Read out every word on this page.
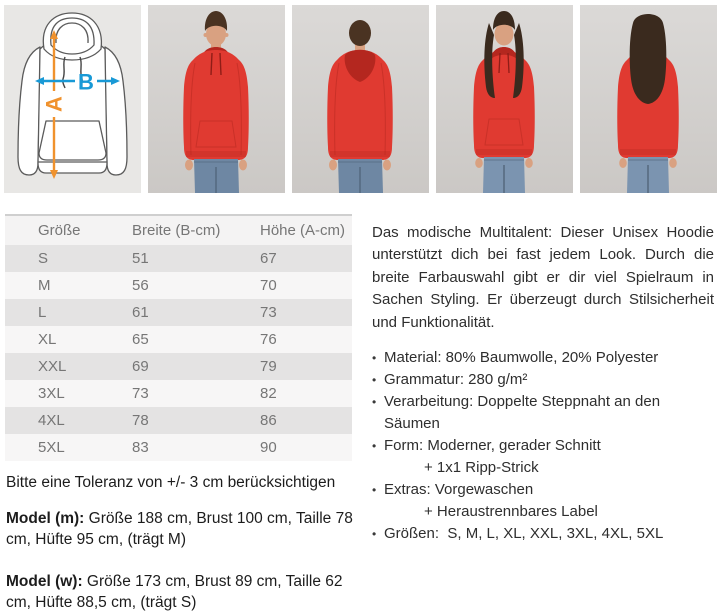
A
B
Größe	Breite (B-cm)	Höhe (A-cm)
S	51	67
M	56	70
L	61	73
XL	65	76
XXL	69	79
3XL	73	82
4XL	78	86
5XL	83	90

Bitte eine Toleranz von +/- 3 cm berücksichtigen

Model (m): Größe 188 cm, Brust 100 cm, Taille 78 cm, Hüfte 95 cm, (trägt M)

Model (w): Größe 173 cm, Brust 89 cm, Taille 62 cm, Hüfte 88,5 cm, (trägt S)

Das modische Multitalent: Dieser Unisex Hoodie unterstützt dich bei fast jedem Look. Durch die breite Farbauswahl gibt er dir viel Spielraum in Sachen Styling. Er überzeugt durch Stilsicherheit und Funktionalität.

• Material: 80% Baumwolle, 20% Polyester
• Grammatur: 280 g/m²
• Verarbeitung: Doppelte Steppnaht an den Säumen
• Form: Moderner, gerader Schnitt
+ 1x1 Ripp-Strick
• Extras: Vorgewaschen
+ Heraustrennbares Label
• Größen:  S, M, L, XL, XXL, 3XL, 4XL, 5XL
